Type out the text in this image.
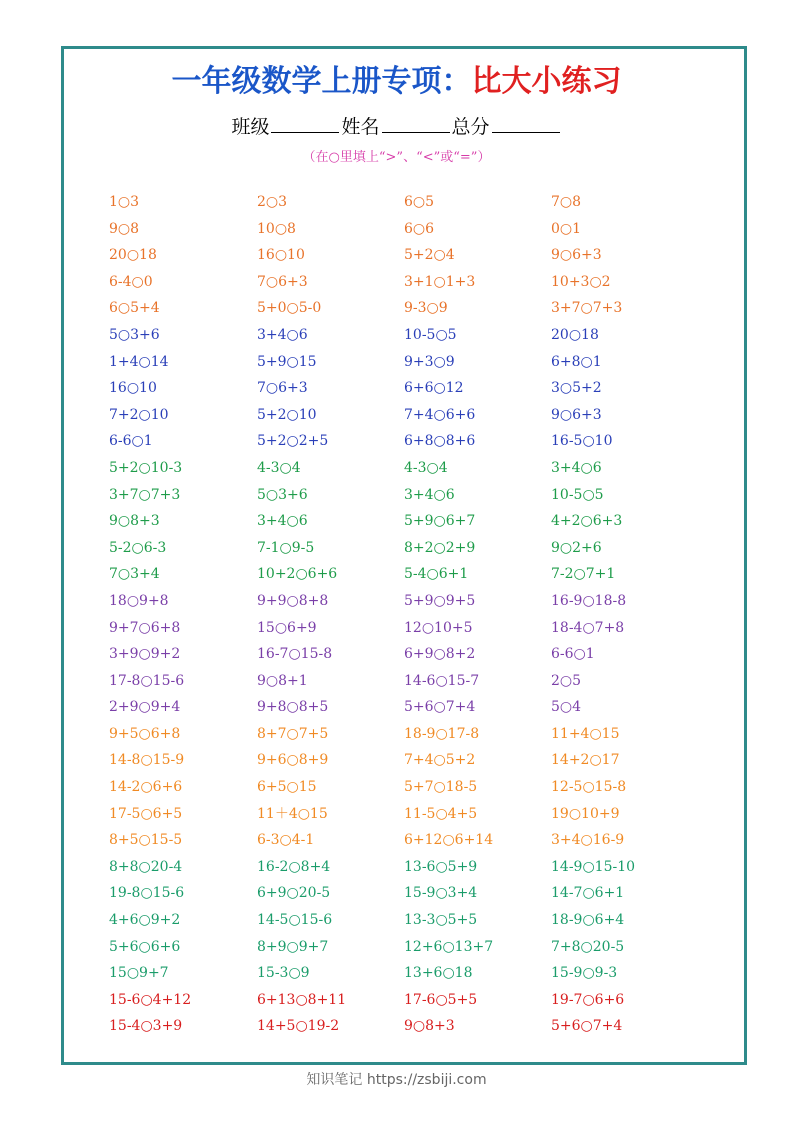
一年级数学上册专项：比大小练习
班级	姓名	总分
（在○里填上“>”、“<”或“=”）
1○3	2○3	6○5	7○8
9○8	10○8	6○6	0○1
20○18	16○10	5+2○4	9○6+3
6-4○0	7○6+3	3+1○1+3	10+3○2
6○5+4	5+0○5-0	9-3○9	3+7○7+3
5○3+6	3+4○6	10-5○5	20○18
1+4○14	5+9○15	9+3○9	6+8○1
16○10	7○6+3	6+6○12	3○5+2
7+2○10	5+2○10	7+4○6+6	9○6+3
6-6○1	5+2○2+5	6+8○8+6	16-5○10
5+2○10-3	4-3○4	4-3○4	3+4○6
3+7○7+3	5○3+6	3+4○6	10-5○5
9○8+3	3+4○6	5+9○6+7	4+2○6+3
5-2○6-3	7-1○9-5	8+2○2+9	9○2+6
7○3+4	10+2○6+6	5-4○6+1	7-2○7+1
18○9+8	9+9○8+8	5+9○9+5	16-9○18-8
9+7○6+8	15○6+9	12○10+5	18-4○7+8
3+9○9+2	16-7○15-8	6+9○8+2	6-6○1
17-8○15-6	9○8+1	14-6○15-7	2○5
2+9○9+4	9+8○8+5	5+6○7+4	5○4
9+5○6+8	8+7○7+5	18-9○17-8	11+4○15
14-8○15-9	9+6○8+9	7+4○5+2	14+2○17
14-2○6+6	6+5○15	5+7○18-5	12-5○15-8
17-5○6+5	11＋4○15	11-5○4+5	19○10+9
8+5○15-5	6-3○4-1	6+12○6+14	3+4○16-9
8+8○20-4	16-2○8+4	13-6○5+9	14-9○15-10
19-8○15-6	6+9○20-5	15-9○3+4	14-7○6+1
4+6○9+2	14-5○15-6	13-3○5+5	18-9○6+4
5+6○6+6	8+9○9+7	12+6○13+7	7+8○20-5
15○9+7	15-3○9	13+6○18	15-9○9-3
15-6○4+12	6+13○8+11	17-6○5+5	19-7○6+6
15-4○3+9	14+5○19-2	9○8+3	5+6○7+4
知识笔记 https://zsbiji.com
